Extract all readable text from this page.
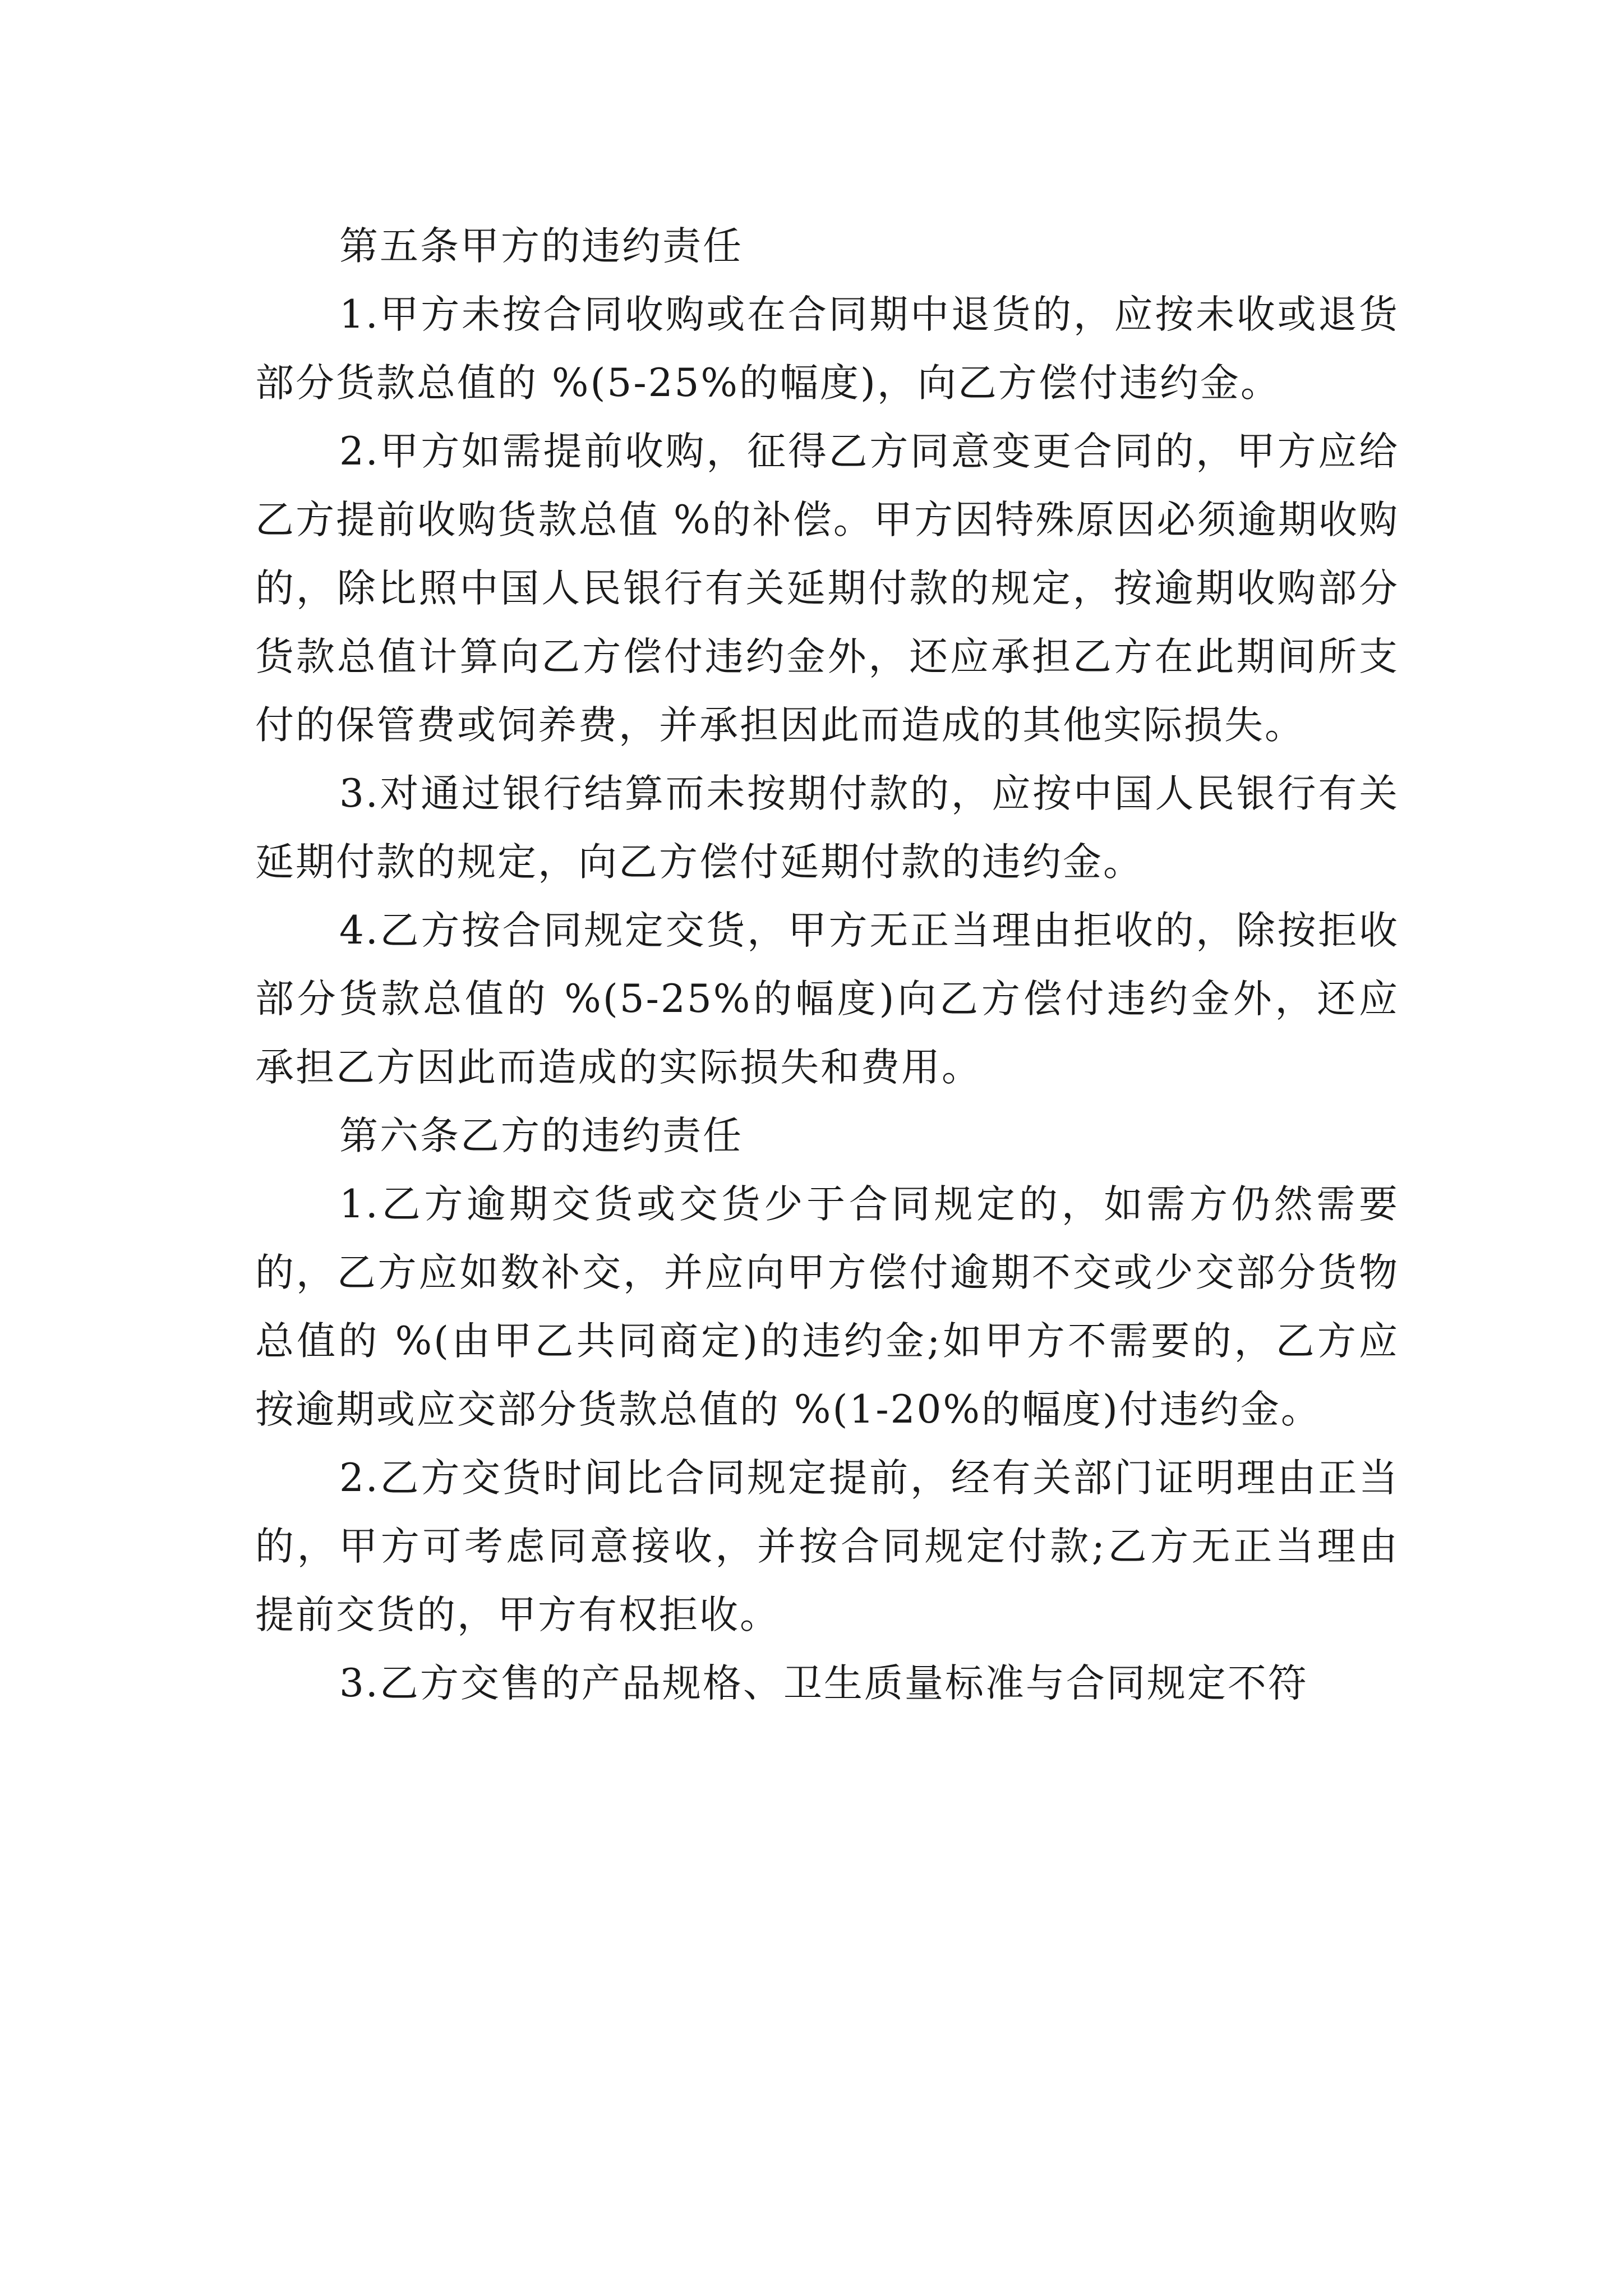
第五条甲方的违约责任

1.甲方未按合同收购或在合同期中退货的，应按未收或退货部分货款总值的 %(5-25%的幅度)，向乙方偿付违约金。

2.甲方如需提前收购，征得乙方同意变更合同的，甲方应给乙方提前收购货款总值 %的补偿。甲方因特殊原因必须逾期收购的，除比照中国人民银行有关延期付款的规定，按逾期收购部分货款总值计算向乙方偿付违约金外，还应承担乙方在此期间所支付的保管费或饲养费，并承担因此而造成的其他实际损失。

3.对通过银行结算而未按期付款的，应按中国人民银行有关延期付款的规定，向乙方偿付延期付款的违约金。

4.乙方按合同规定交货，甲方无正当理由拒收的，除按拒收部分货款总值的 %(5-25%的幅度)向乙方偿付违约金外，还应承担乙方因此而造成的实际损失和费用。

第六条乙方的违约责任

1.乙方逾期交货或交货少于合同规定的，如需方仍然需要的，乙方应如数补交，并应向甲方偿付逾期不交或少交部分货物总值的 %(由甲乙共同商定)的违约金;如甲方不需要的，乙方应按逾期或应交部分货款总值的 %(1-20%的幅度)付违约金。

2.乙方交货时间比合同规定提前，经有关部门证明理由正当的，甲方可考虑同意接收，并按合同规定付款;乙方无正当理由提前交货的，甲方有权拒收。

3.乙方交售的产品规格、卫生质量标准与合同规定不符
